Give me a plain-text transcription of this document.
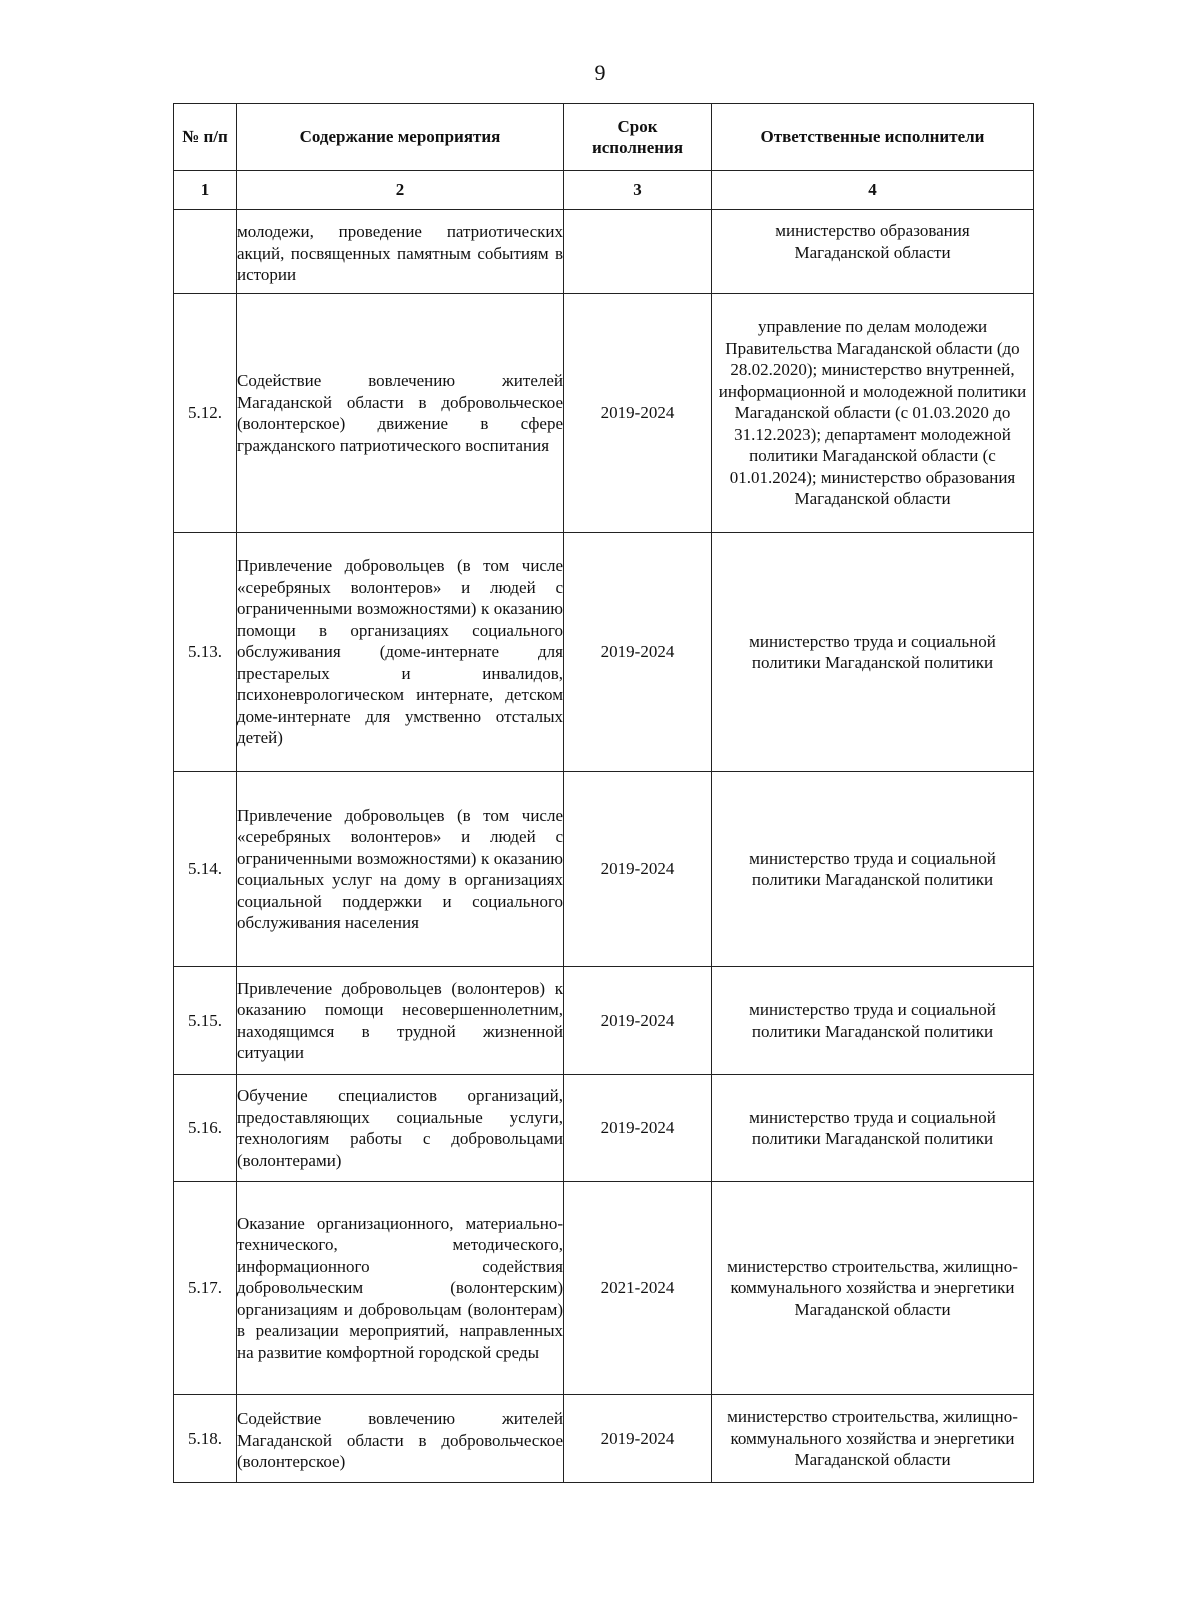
9
№ п/п	Содержание мероприятия	Срок исполнения	Ответственные исполнители
1	2	3	4
	молодежи, проведение патриотических акций, посвященных памятным событиям в истории		министерство образования Магаданской области
5.12.	Содействие вовлечению жителей Магаданской области в добровольческое (волонтерское) движение в сфере гражданского патриотического воспитания	2019-2024	управление по делам молодежи Правительства Магаданской области (до 28.02.2020); министерство внутренней, информационной и молодежной политики Магаданской области (с 01.03.2020 до 31.12.2023); департамент молодежной политики Магаданской области (с 01.01.2024); министерство образования Магаданской области
5.13.	Привлечение добровольцев (в том числе «серебряных волонтеров» и людей с ограниченными возможностями) к оказанию помощи в организациях социального обслуживания (доме-интернате для престарелых и инвалидов, психоневрологическом интернате, детском доме-интернате для умственно отсталых детей)	2019-2024	министерство труда и социальной политики Магаданской политики
5.14.	Привлечение добровольцев (в том числе «серебряных волонтеров» и людей с ограниченными возможностями) к оказанию социальных услуг на дому в организациях социальной поддержки и социального обслуживания населения	2019-2024	министерство труда и социальной политики Магаданской политики
5.15.	Привлечение добровольцев (волонтеров) к оказанию помощи несовершеннолетним, находящимся в трудной жизненной ситуации	2019-2024	министерство труда и социальной политики Магаданской политики
5.16.	Обучение специалистов организаций, предоставляющих социальные услуги, технологиям работы с добровольцами (волонтерами)	2019-2024	министерство труда и социальной политики Магаданской политики
5.17.	Оказание организационного, материально-технического, методического, информационного содействия добровольческим (волонтерским) организациям и добровольцам (волонтерам) в реализации мероприятий, направленных на развитие комфортной городской среды	2021-2024	министерство строительства, жилищно-коммунального хозяйства и энергетики Магаданской области
5.18.	Содействие вовлечению жителей Магаданской области в добровольческое (волонтерское)	2019-2024	министерство строительства, жилищно-коммунального хозяйства и энергетики Магаданской области
